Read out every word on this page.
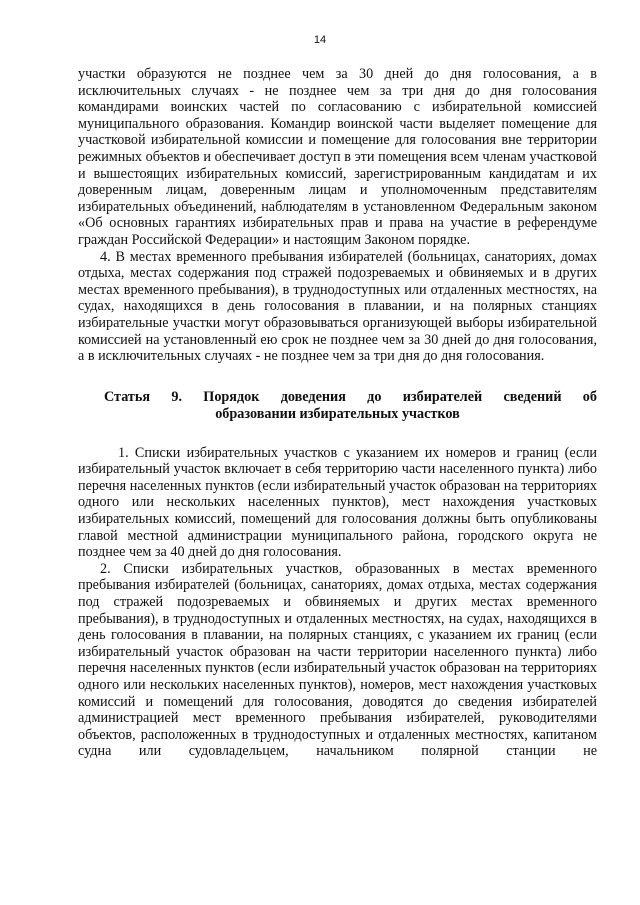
14

участки образуются не позднее чем за 30 дней до дня голосования, а в исключительных случаях - не позднее чем за три дня до дня голосования командирами воинских частей по согласованию с избирательной комиссией муниципального образования. Командир воинской части выделяет помещение для участковой избирательной комиссии и помещение для голосования вне территории режимных объектов и обеспечивает доступ в эти помещения всем членам участковой и вышестоящих избирательных комиссий, зарегистрированным кандидатам и их доверенным лицам, доверенным лицам и уполномоченным представителям избирательных объединений, наблюдателям в установленном Федеральным законом «Об основных гарантиях избирательных прав и права на участие в референдуме граждан Российской Федерации» и настоящим Законом порядке.

4. В местах временного пребывания избирателей (больницах, санаториях, домах отдыха, местах содержания под стражей подозреваемых и обвиняемых и в других местах временного пребывания), в труднодоступных или отдаленных местностях, на судах, находящихся в день голосования в плавании, и на полярных станциях избирательные участки могут образовываться организующей выборы избирательной комиссией на установленный ею срок не позднее чем за 30 дней до дня голосования, а в исключительных случаях - не позднее чем за три дня до дня голосования.

Статья 9. Порядок доведения до избирателей сведений об
образовании избирательных участков

1. Списки избирательных участков с указанием их номеров и границ (если избирательный участок включает в себя территорию части населенного пункта) либо перечня населенных пунктов (если избирательный участок образован на территориях одного или нескольких населенных пунктов), мест нахождения участковых избирательных комиссий, помещений для голосования должны быть опубликованы главой местной администрации муниципального района, городского округа не позднее чем за 40 дней до дня голосования.

2. Списки избирательных участков, образованных в местах временного пребывания избирателей (больницах, санаториях, домах отдыха, местах содержания под стражей подозреваемых и обвиняемых и других местах временного пребывания), в труднодоступных и отдаленных местностях, на судах, находящихся в день голосования в плавании, на полярных станциях, с указанием их границ (если избирательный участок образован на части территории населенного пункта) либо перечня населенных пунктов (если избирательный участок образован на территориях одного или нескольких населенных пунктов), номеров, мест нахождения участковых комиссий и помещений для голосования, доводятся до сведения избирателей администрацией мест временного пребывания избирателей, руководителями объектов, расположенных в труднодоступных и отдаленных местностях, капитаном судна или судовладельцем, начальником полярной станции не
